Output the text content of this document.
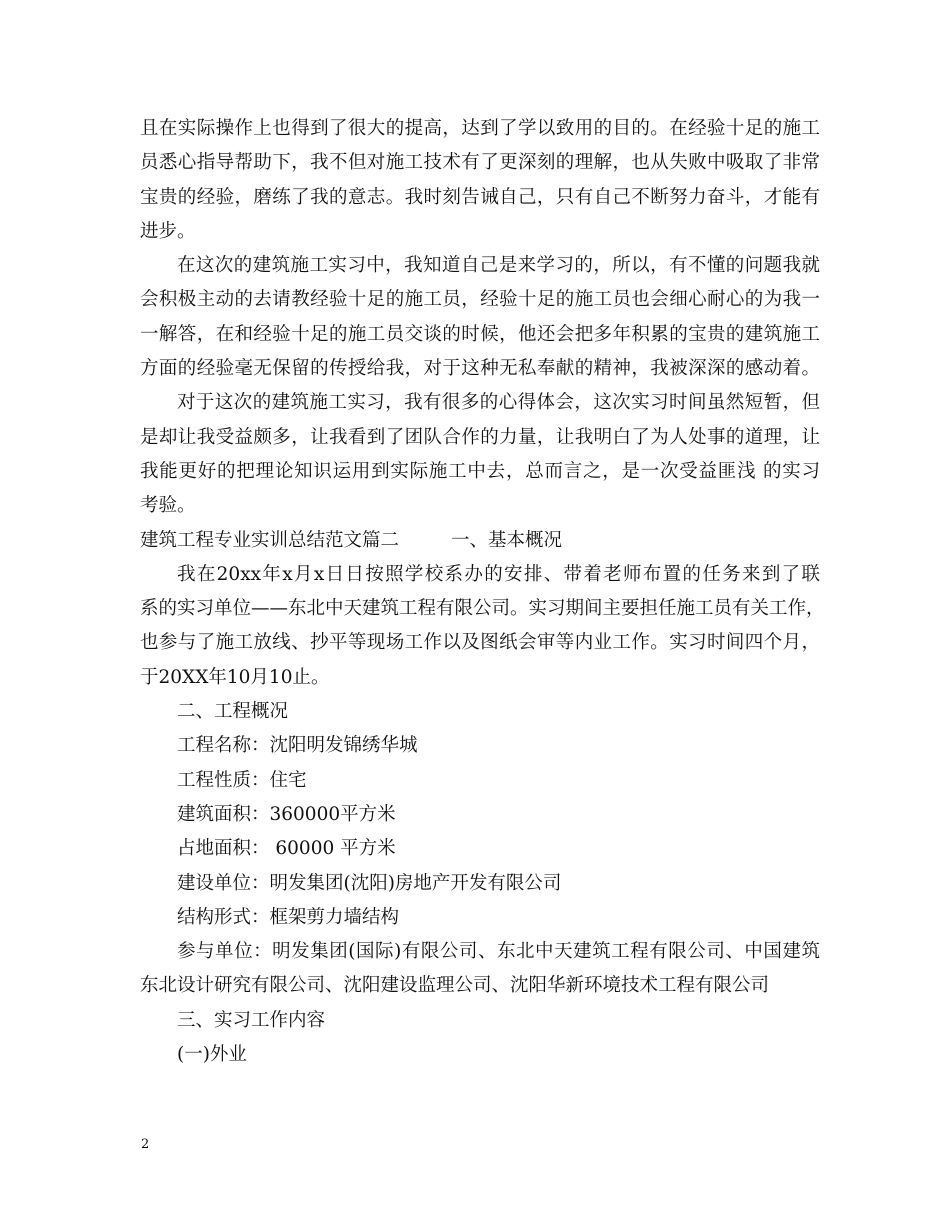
且在实际操作上也得到了很大的提高，达到了学以致用的目的。在经验十足的施工
员悉心指导帮助下，我不但对施工技术有了更深刻的理解，也从失败中吸取了非常
宝贵的经验，磨练了我的意志。我时刻告诫自己，只有自己不断努力奋斗，才能有
进步。
在这次的建筑施工实习中，我知道自己是来学习的，所以，有不懂的问题我就
会积极主动的去请教经验十足的施工员，经验十足的施工员也会细心耐心的为我一
一解答，在和经验十足的施工员交谈的时候，他还会把多年积累的宝贵的建筑施工
方面的经验毫无保留的传授给我，对于这种无私奉献的精神，我被深深的感动着。
对于这次的建筑施工实习，我有很多的心得体会，这次实习时间虽然短暂，但
是却让我受益颇多，让我看到了团队合作的力量，让我明白了为人处事的道理，让
我能更好的把理论知识运用到实际施工中去，总而言之，是一次受益匪浅 的实习
考验。
建筑工程专业实训总结范文篇二	一、基本概况
我在20xx年x月x日日按照学校系办的安排、带着老师布置的任务来到了联
系的实习单位——东北中天建筑工程有限公司。实习期间主要担任施工员有关工作，
也参与了施工放线、抄平等现场工作以及图纸会审等内业工作。实习时间四个月，
于20XX年10月10止。
二、工程概况
工程名称：沈阳明发锦绣华城
工程性质：住宅
建筑面积：360000平方米
占地面积： 60000 平方米
建设单位：明发集团(沈阳)房地产开发有限公司
结构形式：框架剪力墙结构
参与单位：明发集团(国际)有限公司、东北中天建筑工程有限公司、中国建筑
东北设计研究有限公司、沈阳建设监理公司、沈阳华新环境技术工程有限公司
三、实习工作内容
(一)外业
2
